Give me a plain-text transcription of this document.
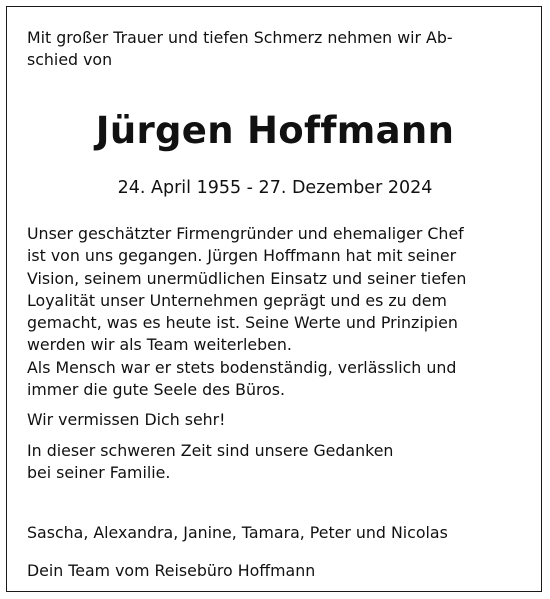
Mit großer Trauer und tiefen Schmerz nehmen wir Ab-
schied von

Jürgen Hoffmann

24. April 1955 - 27. Dezember 2024

Unser geschätzter Firmengründer und ehemaliger Chef
ist von uns gegangen. Jürgen Hoffmann hat mit seiner
Vision, seinem unermüdlichen Einsatz und seiner tiefen
Loyalität unser Unternehmen geprägt und es zu dem
gemacht, was es heute ist. Seine Werte und Prinzipien
werden wir als Team weiterleben.
Als Mensch war er stets bodenständig, verlässlich und
immer die gute Seele des Büros.

Wir vermissen Dich sehr!

In dieser schweren Zeit sind unsere Gedanken
bei seiner Familie.

Sascha, Alexandra, Janine, Tamara, Peter und Nicolas

Dein Team vom Reisebüro Hoffmann
